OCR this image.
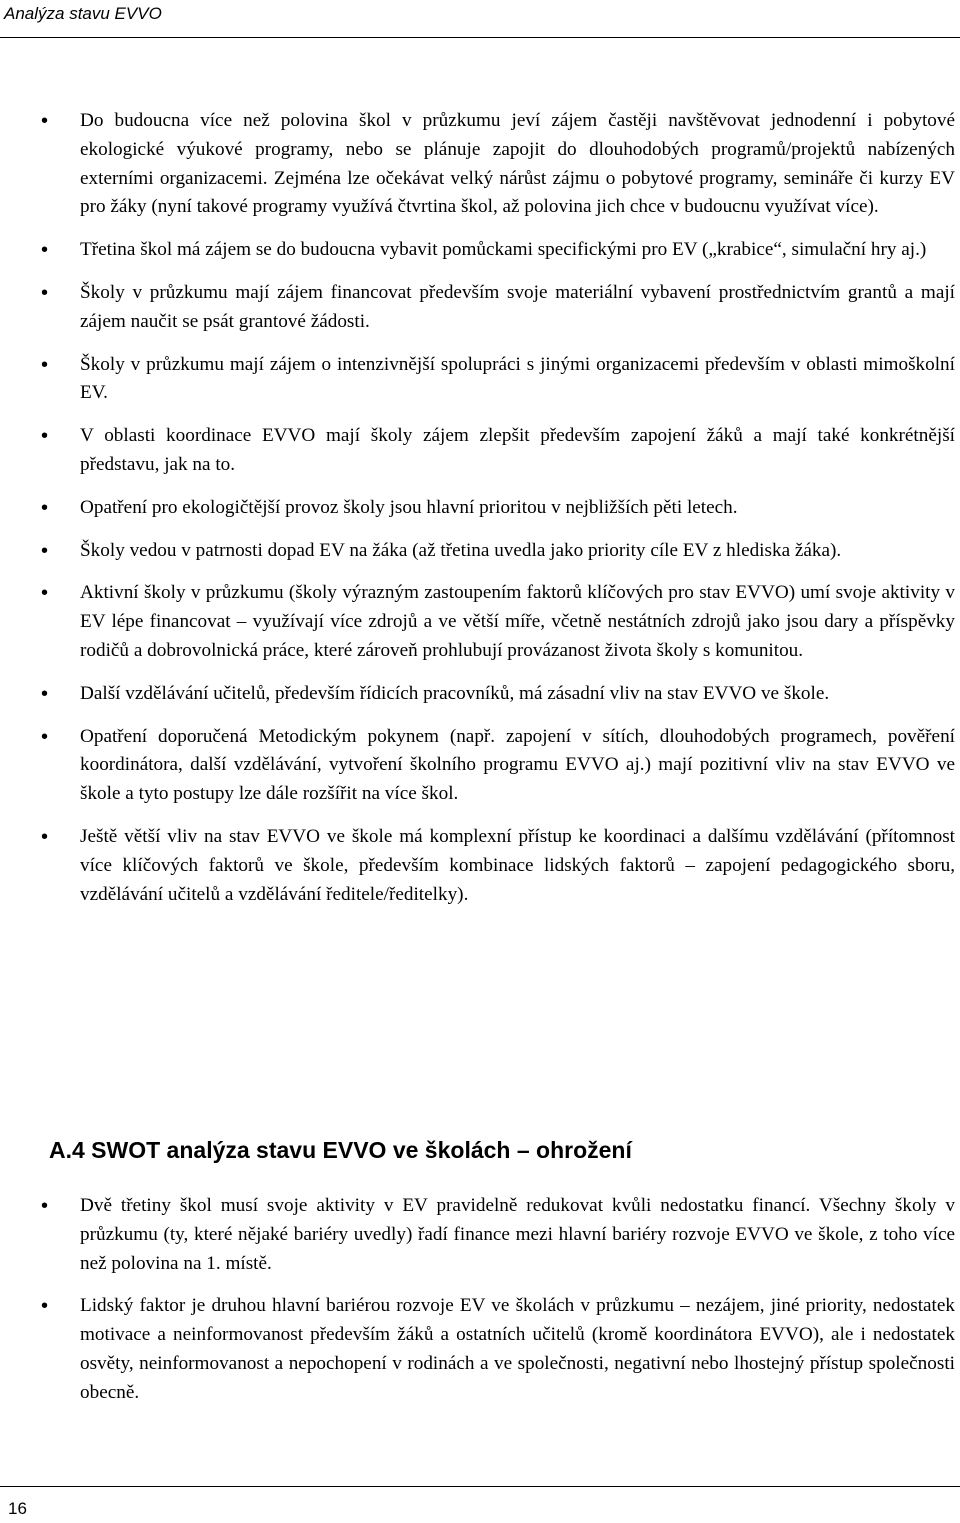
Analýza stavu EVVO
• Do budoucna více než polovina škol v průzkumu jeví zájem častěji navštěvovat jednodenní i pobytové ekologické výukové programy, nebo se plánuje zapojit do dlouhodobých programů/projektů nabízených externími organizacemi. Zejména lze očekávat velký nárůst zájmu o pobytové programy, semináře či kurzy EV pro žáky (nyní takové programy využívá čtvrtina škol, až polovina jich chce v budoucnu využívat více).
• Třetina škol má zájem se do budoucna vybavit pomůckami specifickými pro EV („krabice“, simulační hry aj.)
• Školy v průzkumu mají zájem financovat především svoje materiální vybavení prostřednictvím grantů a mají zájem naučit se psát grantové žádosti.
• Školy v průzkumu mají zájem o intenzivnější spolupráci s jinými organizacemi především v oblasti mimoškolní EV.
• V oblasti koordinace EVVO mají školy zájem zlepšit především zapojení žáků a mají také konkrétnější představu, jak na to.
• Opatření pro ekologičtější provoz školy jsou hlavní prioritou v nejbližších pěti letech.
• Školy vedou v patrnosti dopad EV na žáka (až třetina uvedla jako priority cíle EV z hlediska žáka).
• Aktivní školy v průzkumu (školy výrazným zastoupením faktorů klíčových pro stav EVVO) umí svoje aktivity v EV lépe financovat – využívají více zdrojů a ve větší míře, včetně nestátních zdrojů jako jsou dary a příspěvky rodičů a dobrovolnická práce, které zároveň prohlubují provázanost života školy s komunitou.
• Další vzdělávání učitelů, především řídicích pracovníků, má zásadní vliv na stav EVVO ve škole.
• Opatření doporučená Metodickým pokynem (např. zapojení v sítích, dlouhodobých programech, pověření koordinátora, další vzdělávání, vytvoření školního programu EVVO aj.) mají pozitivní vliv na stav EVVO ve škole a tyto postupy lze dále rozšířit na více škol.
• Ještě větší vliv na stav EVVO ve škole má komplexní přístup ke koordinaci a dalšímu vzdělávání (přítomnost více klíčových faktorů ve škole, především kombinace lidských faktorů – zapojení pedagogického sboru, vzdělávání učitelů a vzdělávání ředitele/ředitelky).
A.4 SWOT analýza stavu EVVO ve školách – ohrožení
• Dvě třetiny škol musí svoje aktivity v EV pravidelně redukovat kvůli nedostatku financí. Všechny školy v průzkumu (ty, které nějaké bariéry uvedly) řadí finance mezi hlavní bariéry rozvoje EVVO ve škole, z toho více než polovina na 1. místě.
• Lidský faktor je druhou hlavní bariérou rozvoje EV ve školách v průzkumu – nezájem, jiné priority, nedostatek motivace a neinformovanost především žáků a ostatních učitelů (kromě koordinátora EVVO), ale i nedostatek osvěty, neinformovanost a nepochopení v rodinách a ve společnosti, negativní nebo lhostejný přístup společnosti obecně.
16
